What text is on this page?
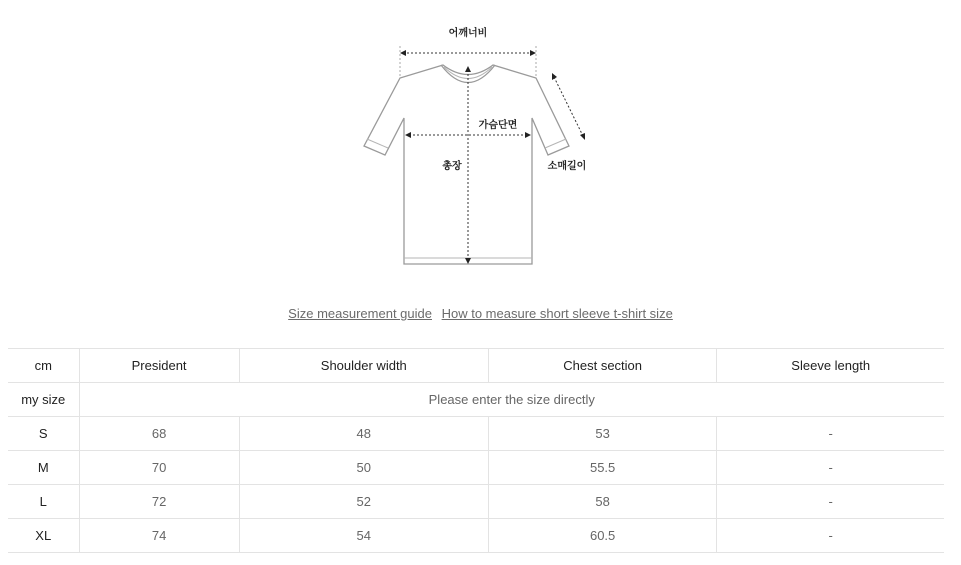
어깨너비
가슴단면
총장	소매길이
Size measurement guide How to measure short sleeve t-shirt size
cm	President	Shoulder width	Chest section	Sleeve length
my size	Please enter the size directly			
S	68	48	53	-
M	70	50	55.5	-
L	72	52	58	-
XL	74	54	60.5	-
